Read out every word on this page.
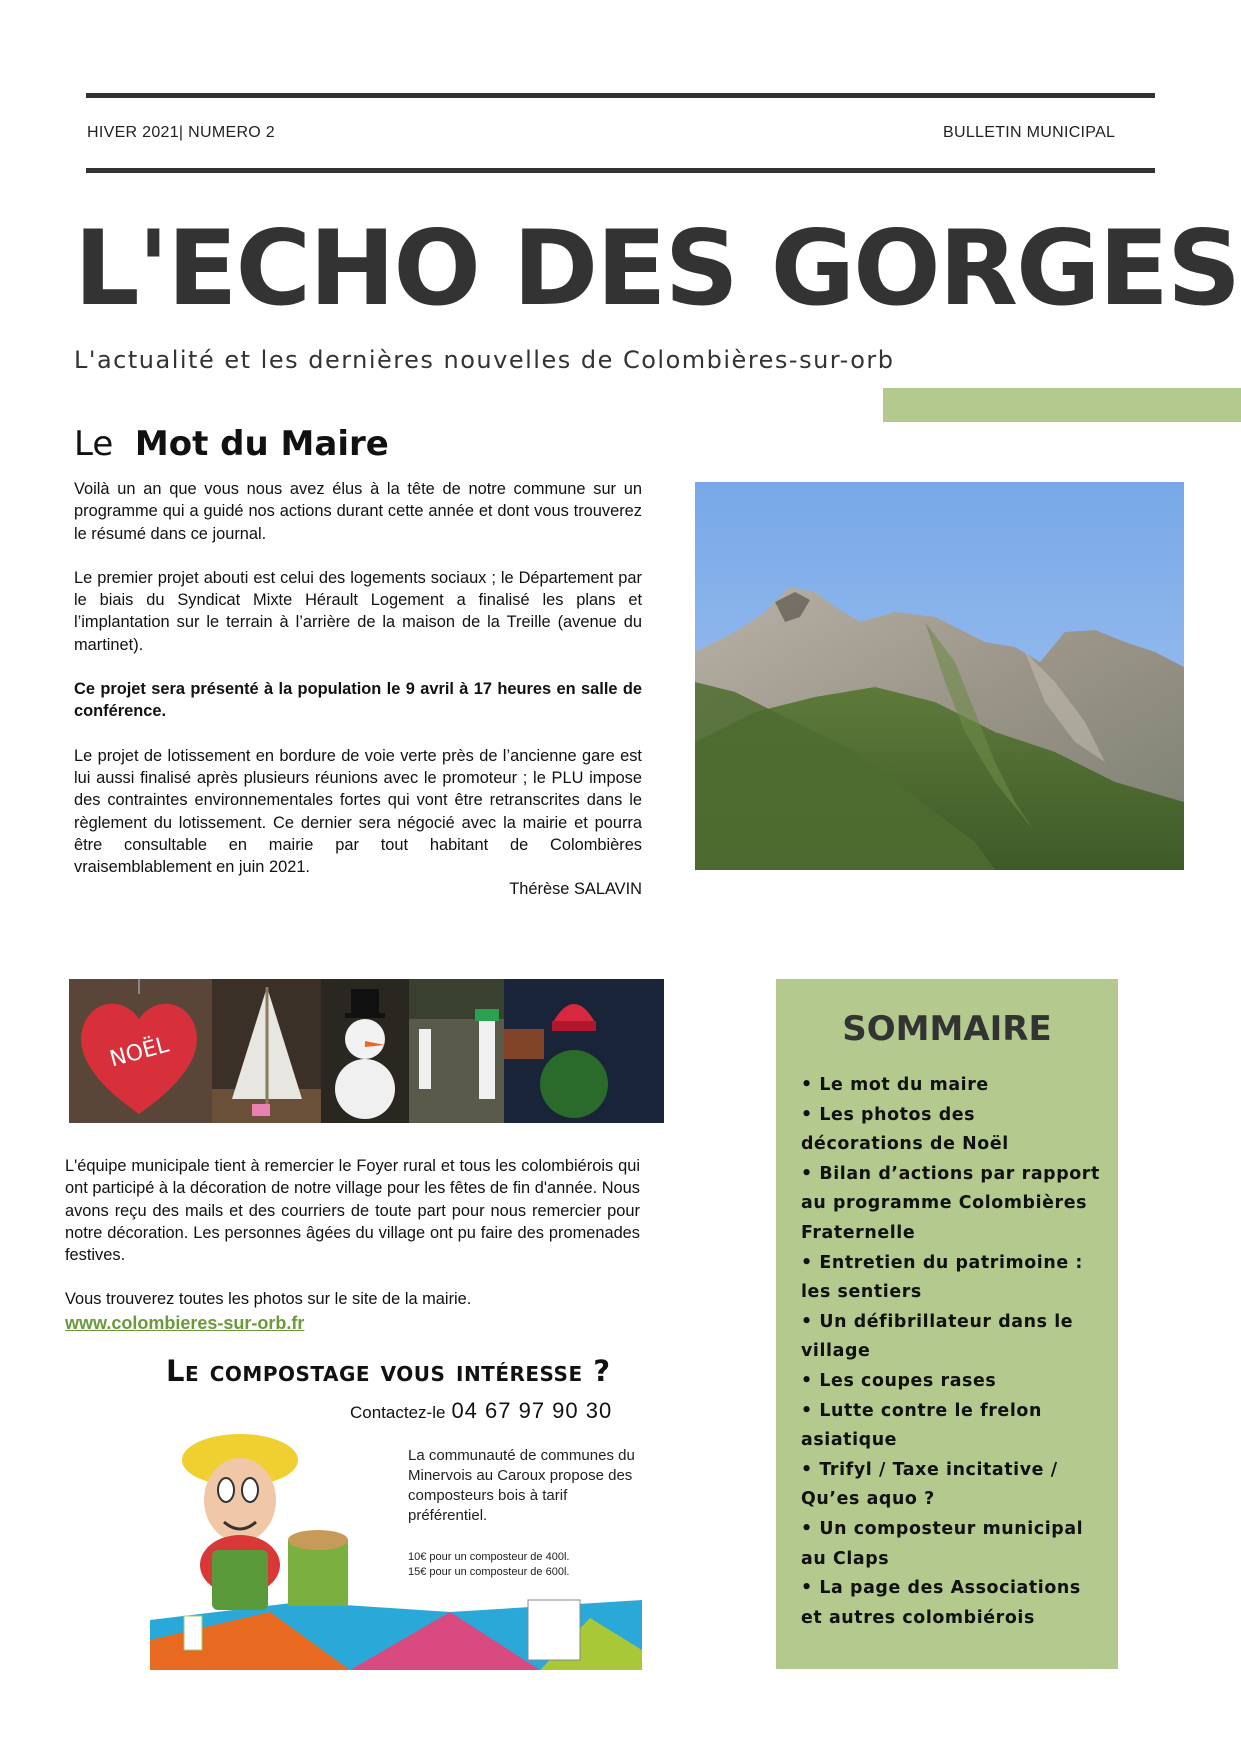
HIVER 2021| NUMERO 2	BULLETIN MUNICIPAL
L'ECHO DES GORGES
L'actualité et les dernières nouvelles de Colombières-sur-orb
Le Mot du Maire

Voilà un an que vous nous avez élus à la tête de notre commune sur un programme qui a guidé nos actions durant cette année et dont vous trouverez le résumé dans ce journal.

Le premier projet abouti est celui des logements sociaux ; le Département par le biais du Syndicat Mixte Hérault Logement a finalisé les plans et l’implantation sur le terrain à l’arrière de la maison de la Treille (avenue du martinet).

Ce projet sera présenté à la population le 9 avril à 17 heures en salle de conférence.

Le projet de lotissement en bordure de voie verte près de l’ancienne gare est lui aussi finalisé après plusieurs réunions avec le promoteur ; le PLU impose des contraintes environnementales fortes qui vont être retranscrites dans le règlement du lotissement. Ce dernier sera négocié avec la mairie et pourra être consultable en mairie par tout habitant de Colombières vraisemblablement en juin 2021.

Thérèse SALAVIN
NOËL

L'équipe municipale tient à remercier le Foyer rural et tous les colombiérois qui ont participé à la décoration de notre village pour les fêtes de fin d'année. Nous avons reçu des mails et des courriers de toute part pour nous remercier pour notre décoration. Les personnes âgées du village ont pu faire des promenades festives.

Vous trouverez toutes les photos sur le site de la mairie.

www.colombieres-sur-orb.fr
Le compostage vous intéresse ?
Contactez-le 04 67 97 90 30
La communauté de communes du Minervois au Caroux propose des composteurs bois à tarif préférentiel.
10€ pour un composteur de 400l.
15€ pour un composteur de 600l.
SOMMAIRE
• Le mot du maire
• Les photos des décorations de Noël
• Bilan d’actions par rapport au programme Colombières Fraternelle
• Entretien du patrimoine : les sentiers
• Un défibrillateur dans le village
• Les coupes rases
• Lutte contre le frelon asiatique
• Trifyl / Taxe incitative / Qu’es aquo ?
• Un composteur municipal au Claps
• La page des Associations et autres colombiérois
